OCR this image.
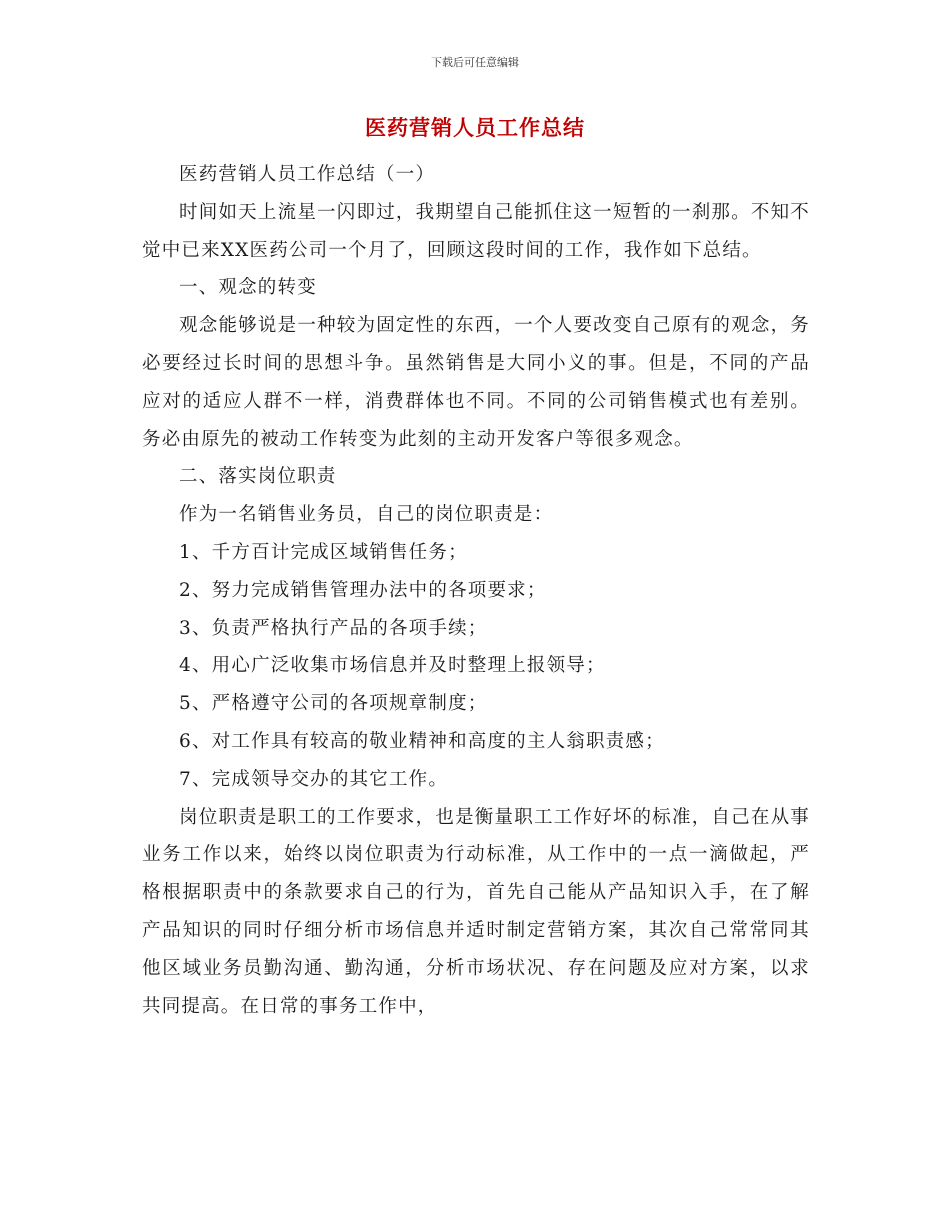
下载后可任意编辑
医药营销人员工作总结

医药营销人员工作总结（一）

时间如天上流星一闪即过，我期望自己能抓住这一短暂的一刹那。不知不觉中已来XX医药公司一个月了，回顾这段时间的工作，我作如下总结。

一、观念的转变

观念能够说是一种较为固定性的东西，一个人要改变自己原有的观念，务必要经过长时间的思想斗争。虽然销售是大同小义的事。但是，不同的产品应对的适应人群不一样，消费群体也不同。不同的公司销售模式也有差别。务必由原先的被动工作转变为此刻的主动开发客户等很多观念。

二、落实岗位职责

作为一名销售业务员，自己的岗位职责是：

1、千方百计完成区域销售任务；

2、努力完成销售管理办法中的各项要求；

3、负责严格执行产品的各项手续；

4、用心广泛收集市场信息并及时整理上报领导；

5、严格遵守公司的各项规章制度；

6、对工作具有较高的敬业精神和高度的主人翁职责感；

7、完成领导交办的其它工作。

岗位职责是职工的工作要求，也是衡量职工工作好坏的标准，自己在从事业务工作以来，始终以岗位职责为行动标准，从工作中的一点一滴做起，严格根据职责中的条款要求自己的行为，首先自己能从产品知识入手，在了解产品知识的同时仔细分析市场信息并适时制定营销方案，其次自己常常同其他区域业务员勤沟通、勤沟通，分析市场状况、存在问题及应对方案，以求共同提高。在日常的事务工作中，
